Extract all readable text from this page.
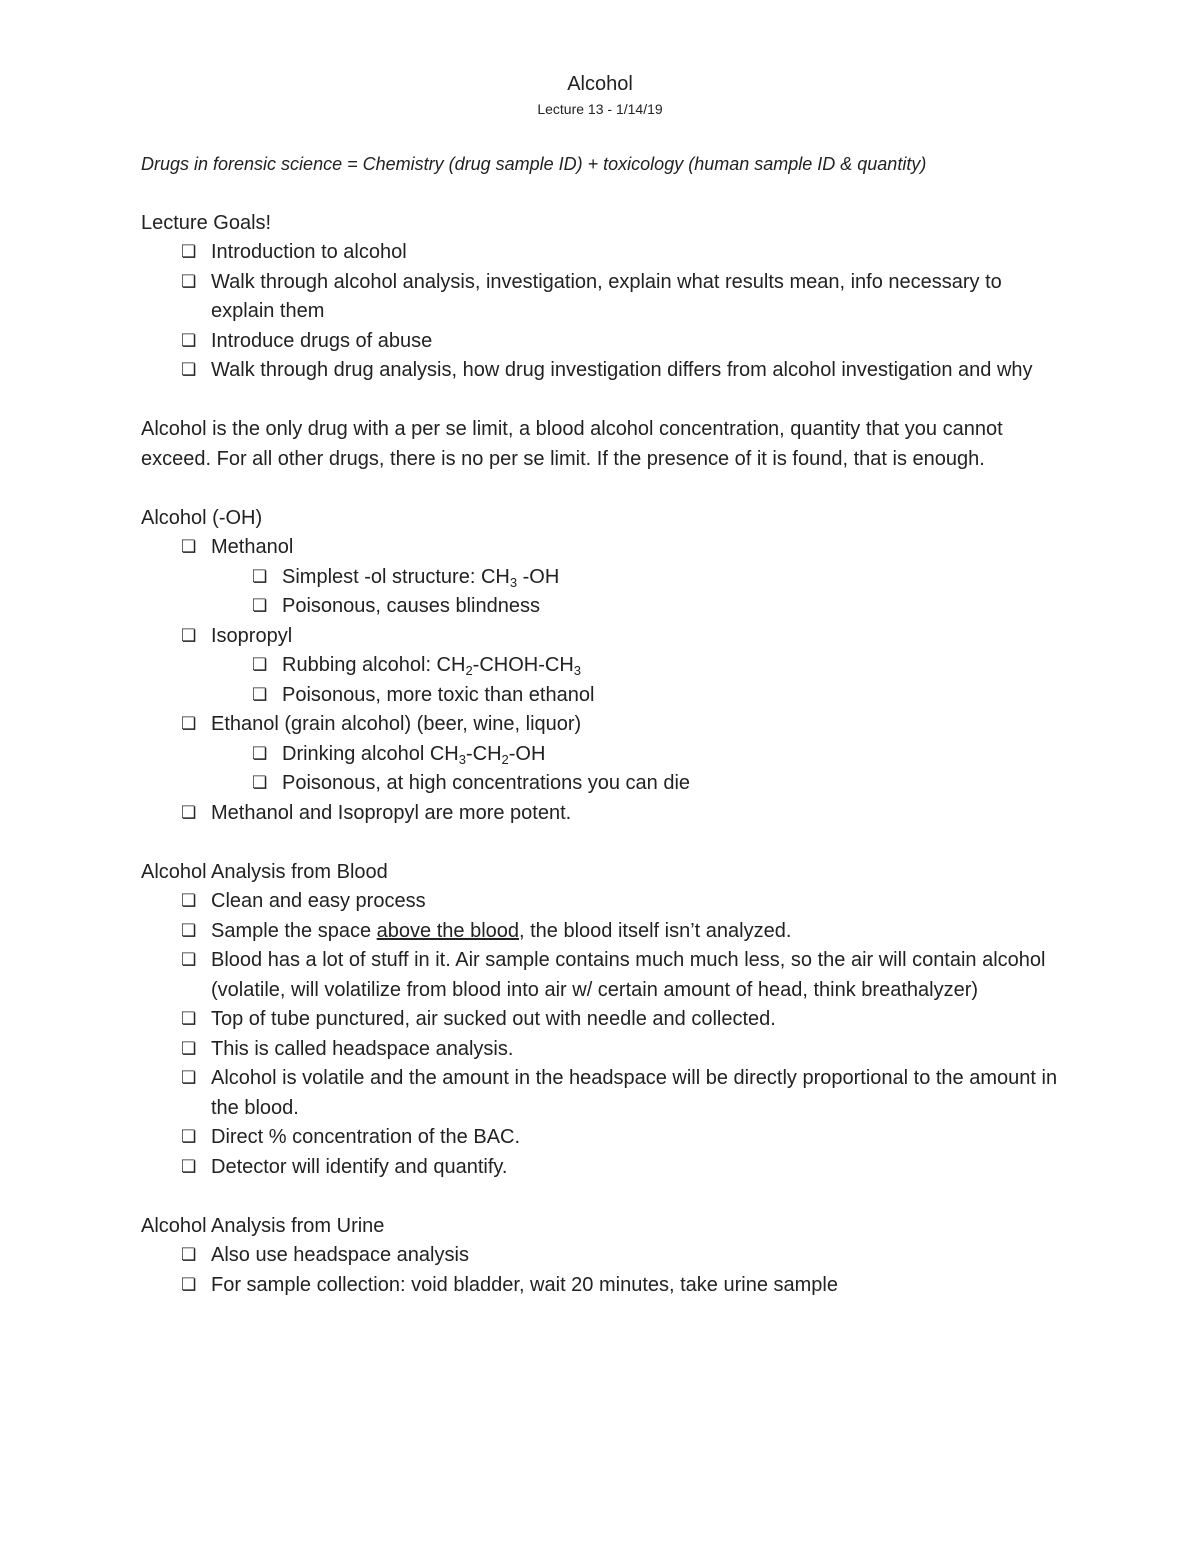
Alcohol
Lecture 13 - 1/14/19

Drugs in forensic science = Chemistry (drug sample ID) + toxicology (human sample ID & quantity)

Lecture Goals!

❏ Introduction to alcohol
❏ Walk through alcohol analysis, investigation, explain what results mean, info necessary to explain them
❏ Introduce drugs of abuse
❏ Walk through drug analysis, how drug investigation differs from alcohol investigation and why

Alcohol is the only drug with a per se limit, a blood alcohol concentration, quantity that you cannot exceed. For all other drugs, there is no per se limit. If the presence of it is found, that is enough.

Alcohol (-OH)

❏ Methanol
❏ Simplest -ol structure: $CH_3$ -OH
❏ Poisonous, causes blindness
❏ Isopropyl
❏ Rubbing alcohol: $CH_2-CHOH-CH_3$
❏ Poisonous, more toxic than ethanol
❏ Ethanol (grain alcohol) (beer, wine, liquor)
❏ Drinking alcohol $CH_3-CH_2-OH$
❏ Poisonous, at high concentrations you can die
❏ Methanol and Isopropyl are more potent.

Alcohol Analysis from Blood

❏ Clean and easy process
❏ Sample the space above the blood, the blood itself isn’t analyzed.
❏ Blood has a lot of stuff in it. Air sample contains much much less, so the air will contain alcohol (volatile, will volatilize from blood into air w/ certain amount of head, think breathalyzer)
❏ Top of tube punctured, air sucked out with needle and collected.
❏ This is called headspace analysis.
❏ Alcohol is volatile and the amount in the headspace will be directly proportional to the amount in the blood.
❏ Direct % concentration of the BAC.
❏ Detector will identify and quantify.

Alcohol Analysis from Urine

❏ Also use headspace analysis
❏ For sample collection: void bladder, wait 20 minutes, take urine sample
